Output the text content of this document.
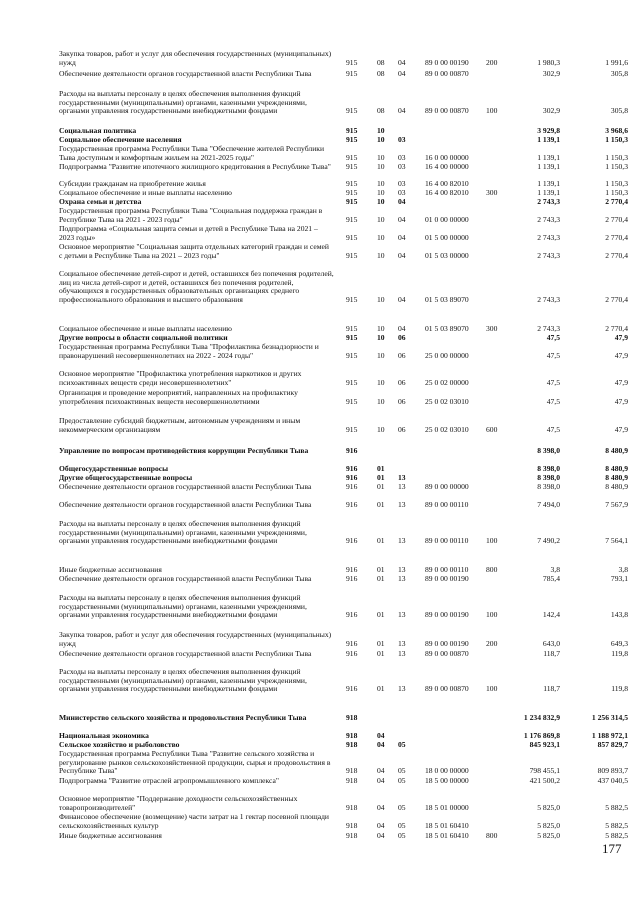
Закупка товаров, работ и услуг для обеспечения государственных (муниципальных) нужд	915	08 04	89 0 00 00190 200	1 980,3	1 991,6
Обеспечение деятельности органов государственной власти Республики Тыва	915	08 04	89 0 00 00870	302,9	305,8
Расходы на выплаты персоналу в целях обеспечения выполнения функций государственными (муниципальными) органами, казенными учреждениями, органами управления государственными внебюджетными фондами	915	08 04	89 0 00 00870 100	302,9	305,8
Социальная политика	915	10	3 929,8	3 968,6
Социальное обеспечение населения	915	10 03	1 139,1	1 150,3
Государственная программа Республики Тыва "Обеспечение жителей Республики Тыва доступным и комфортным жильем на 2021-2025 годы"	915	10 03	16 0 00 00000	1 139,1	1 150,3
Подпрограмма "Развитие ипотечного жилищного кредитования в Республике Тыва"	915	10 03	16 4 00 00000	1 139,1	1 150,3
Субсидии гражданам на приобретение жилья	915	10 03	16 4 00 82010	1 139,1	1 150,3
Социальное обеспечение и иные выплаты населению	915	10 03	16 4 00 82010 300	1 139,1	1 150,3
Охрана семьи и детства	915	10 04	2 743,3	2 770,4
Государственная программа Республики Тыва "Социальная поддержка граждан в Республике Тыва на 2021 - 2023 годы"	915	10 04	01 0 00 00000	2 743,3	2 770,4
Подпрограмма «Социальная защита семьи и детей в Республике Тыва на 2021 – 2023 годы»	915	10 04	01 5 00 00000	2 743,3	2 770,4
Основное мероприятие "Социальная защита отдельных категорий граждан и семей с детьми в Республике Тыва на 2021 – 2023 годы"	915	10 04	01 5 03 00000	2 743,3	2 770,4
Социальное обеспечение детей-сирот и детей, оставшихся без попечения родителей, лиц из числа детей-сирот и детей, оставшихся без попечения родителей, обучающихся в государственных образовательных организациях среднего профессионального образования и высшего образования	915	10 04	01 5 03 89070	2 743,3	2 770,4
Социальное обеспечение и иные выплаты населению	915	10 04	01 5 03 89070 300	2 743,3	2 770,4
Другие вопросы в области социальной политики	915	10 06	47,5	47,9
Государственная программа Республики Тыва "Профилактика безнадзорности и правонарушений несовершеннолетних на 2022 - 2024 годы"	915	10 06	25 0 00 00000	47,5	47,9
Основное мероприятие "Профилактика употребления наркотиков и других психоактивных веществ среди несовершеннолетних"	915	10 06	25 0 02 00000	47,5	47,9
Организация и проведение мероприятий, направленных на профилактику употребления психоактивных веществ несовершеннолетними	915	10 06	25 0 02 03010	47,5	47,9
Предоставление субсидий бюджетным, автономным учреждениям и иным некоммерческим организациям	915	10 06	25 0 02 03010 600	47,5	47,9
Управление по вопросам противодействия коррупции Республики Тыва	916	8 398,0	8 480,9
Общегосударственные вопросы	916	01	8 398,0	8 480,9
Другие общегосударственные вопросы	916	01 13	8 398,0	8 480,9
Обеспечение деятельности органов государственной власти Республики Тыва	916	01 13	89 0 00 00000	8 398,0	8 480,9
Обеспечение деятельности органов государственной власти Республики Тыва	916	01 13	89 0 00 00110	7 494,0	7 567,9
Расходы на выплаты персоналу в целях обеспечения выполнения функций государственными (муниципальными) органами, казенными учреждениями, органами управления государственными внебюджетными фондами	916	01 13	89 0 00 00110 100	7 490,2	7 564,1
Иные бюджетные ассигнования	916	01 13	89 0 00 00110 800	3,8	3,8
Обеспечение деятельности органов государственной власти Республики Тыва	916	01 13	89 0 00 00190	785,4	793,1
Расходы на выплаты персоналу в целях обеспечения выполнения функций государственными (муниципальными) органами, казенными учреждениями, органами управления государственными внебюджетными фондами	916	01 13	89 0 00 00190 100	142,4	143,8
Закупка товаров, работ и услуг для обеспечения государственных (муниципальных) нужд	916	01 13	89 0 00 00190 200	643,0	649,3
Обеспечение деятельности органов государственной власти Республики Тыва	916	01 13	89 0 00 00870	118,7	119,8
Расходы на выплаты персоналу в целях обеспечения выполнения функций государственными (муниципальными) органами, казенными учреждениями, органами управления государственными внебюджетными фондами	916	01 13	89 0 00 00870 100	118,7	119,8
Министерство сельского хозяйства и продовольствия Республики Тыва	918	1 234 832,9	1 256 314,5
Национальная экономика	918	04	1 176 869,8	1 188 972,1
Сельское хозяйство и рыболовство	918	04 05	845 923,1	857 829,7
Государственная программа Республики Тыва "Развитие сельского хозяйства и регулирование рынков сельскохозяйственной продукции, сырья и продовольствия в Республике Тыва"	918	04 05	18 0 00 00000	798 455,1	809 893,7
Подпрограмма "Развитие отраслей агропромышленного комплекса"	918	04 05	18 5 00 00000	421 500,2	437 040,5
Основное мероприятие "Поддержание доходности сельскохозяйственных товаропроизводителей"	918	04 05	18 5 01 00000	5 825,0	5 882,5
Финансовое обеспечение (возмещение) части затрат на 1 гектар посевной площади сельскохозяйственных культур	918	04 05	18 5 01 60410	5 825,0	5 882,5
Иные бюджетные ассигнования	918	04 05	18 5 01 60410 800	5 825,0	5 882,5
177
